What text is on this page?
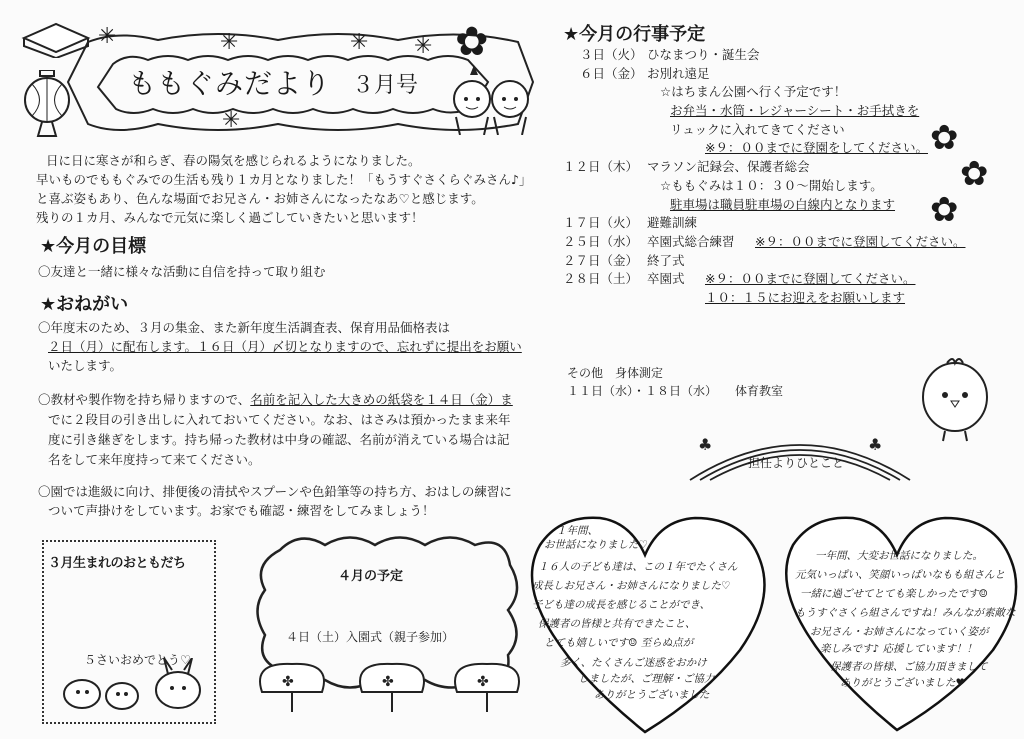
✳	✳	✳ ✳
✳
✿
ももぐみだより ３月号
日に日に寒さが和らぎ、春の陽気を感じられるようになりました。
早いものでももぐみでの生活も残り１カ月となりました！「もうすぐさくらぐみさん♪」
と喜ぶ姿もあり、色んな場面でお兄さん・お姉さんになったなあ♡と感じます。
残りの１カ月、みんなで元気に楽しく過ごしていきたいと思います！
★今月の目標
〇友達と一緒に様々な活動に自信を持って取り組む
★おねがい
〇年度末のため、３月の集金、また新年度生活調査表、保育用品価格表は
２日（月）に配布します。１６日（月）〆切となりますので、忘れずに提出をお願い
いたします。
〇教材や製作物を持ち帰りますので、名前を記入した大きめの紙袋を１４日（金）ま
でに２段目の引き出しに入れておいてください。なお、はさみは預かったまま来年
度に引き継ぎをします。持ち帰った教材は中身の確認、名前が消えている場合は記
名をして来年度持って来てください。
〇園では進級に向け、排便後の清拭やスプーンや色鉛筆等の持ち方、おはしの練習に
ついて声掛けをしています。お家でも確認・練習をしてみましょう！
３月生まれのおともだち
５さいおめでとう♡
４月の予定
４日（土）入園式（親子参加）
✤	✤	✤
★今月の行事予定
３日（火） ひなまつり・誕生会
６日（金） お別れ遠足
☆はちまん公園へ行く予定です！
お弁当・水筒・レジャーシート・お手拭きを
リュックに入れてきてください
※９：００までに登園をしてください。
１２日（木） マラソン記録会、保護者総会
☆ももぐみは１０：３０～開始します。
駐車場は職員駐車場の白線内となります
１７日（火） 避難訓練
２５日（水） 卒園式総合練習 ※９：００までに登園してください。
２７日（金） 終了式
２８日（土） 卒園式 ※９：００までに登園してください。
１０：１５にお迎えをお願いします
✿
✿
✿
その他　 身体測定
１１日（水）・１８日（水）　　 体育教室
♣	♣
担任よりひとこと
１年間、
お世話になりました♡
１６人の子ども達は、この１年でたくさん
成長しお兄さん・お姉さんになりました♡
子ども達の成長を感じることができ、
保護者の皆様と共有できたこと、
とても嬉しいです☺ 至らぬ点が
多く、たくさんご迷惑をおかけ
しましたが、ご理解・ご協力
ありがとうございました
一年間、大変お世話になりました。
元気いっぱい、笑顔いっぱいなもも組さんと
一緒に過ごせてとても楽しかったです☺
もうすぐさくら組さんですね！みんなが素敵な
お兄さん・お姉さんになっていく姿が
楽しみです♪ 応援しています！！
保護者の皆様、ご協力頂きまして
ありがとうございました♥
